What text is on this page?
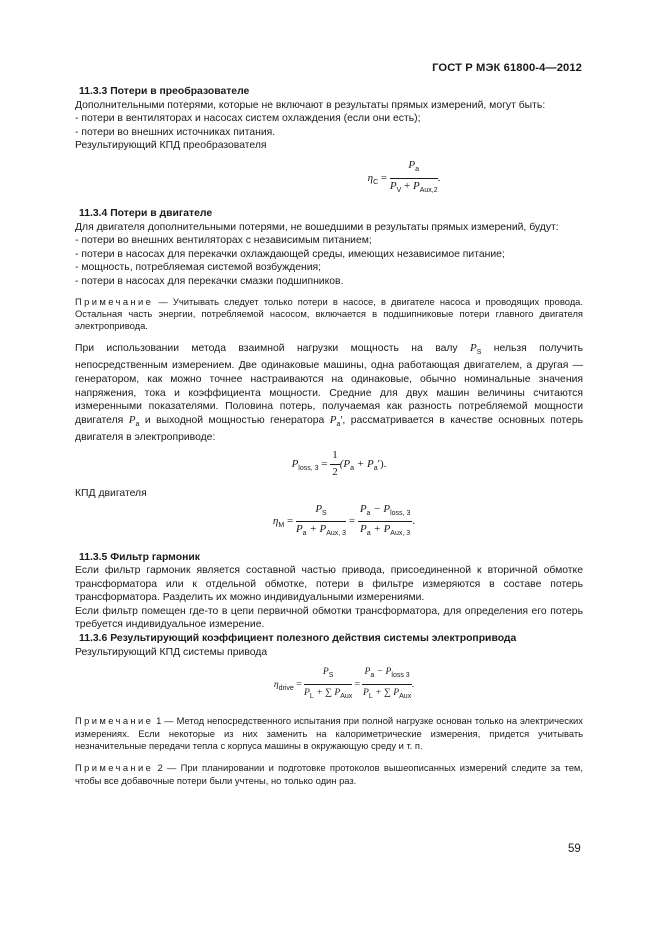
ГОСТ Р МЭК 61800-4—2012

11.3.3 Потери в преобразователе

Дополнительными потерями, которые не включают в результаты прямых измерений, могут быть:

- потери в вентиляторах и насосах систем охлаждения (если они есть);

- потери во внешних источниках питания.

Результирующий КПД преобразователя

$\eta_C = \frac{P_a}{P_V + P_{Aux,2}}$ .

11.3.4 Потери в двигателе

Для двигателя дополнительными потерями, не вошедшими в результаты прямых измерений, будут:

- потери во внешних вентиляторах с независимым питанием;

- потери в насосах для перекачки охлаждающей среды, имеющих независимое питание;

- мощность, потребляемая системой возбуждения;

- потери в насосах для перекачки смазки подшипников.

Примечание — Учитывать следует только потери в насосе, в двигателе насоса и проводящих провода. Остальная часть энергии, потребляемой насосом, включается в подшипниковые потери главного двигателя электропривода.

При использовании метода взаимной нагрузки мощность на валу $P_S$ нельзя получить непосредственным измерением. Две одинаковые машины, одна работающая двигателем, а другая — генератором, как можно точнее настраиваются на одинаковые, обычно номинальные значения напряжения, тока и коэффициента мощности. Средние для двух машин величины считаются измеренными показателями. Половина потерь, получаемая как разность потребляемой мощности двигателя $P_a$ и выходной мощностью генератора $P_a'$, рассматривается в качестве основных потерь двигателя в электроприводе:

$P_{loss, 3} = \frac{1}{2} (P_a + P_a')$.

КПД двигателя

$\eta_M = \frac{P_S}{P_a + P_{Aux, 3}} = \frac{P_a - P_{loss, 3}}{P_a + P_{Aux, 3}}$ .

11.3.5 Фильтр гармоник

Если фильтр гармоник является составной частью привода, присоединенной к вторичной обмотке трансформатора или к отдельной обмотке, потери в фильтре измеряются в составе потерь трансформатора. Разделить их можно индивидуальными измерениями.

Если фильтр помещен где-то в цепи первичной обмотки трансформатора, для определения его потерь требуется индивидуальное измерение.

11.3.6 Результирующий коэффициент полезного действия системы электропривода

Результирующий КПД системы привода

$\eta_{drive} = \frac{P_S}{P_L + \sum P_{Aux}} = \frac{P_a - P_{loss 3}}{P_L + \sum P_{Aux}}$ .

Примечание 1 — Метод непосредственного испытания при полной нагрузке основан только на электрических измерениях. Если некоторые из них заменить на калориметрические измерения, придется учитывать незначительные передачи тепла с корпуса машины в окружающую среду и т. п.

Примечание 2 — При планировании и подготовке протоколов вышеописанных измерений следите за тем, чтобы все добавочные потери были учтены, но только один раз.

59
